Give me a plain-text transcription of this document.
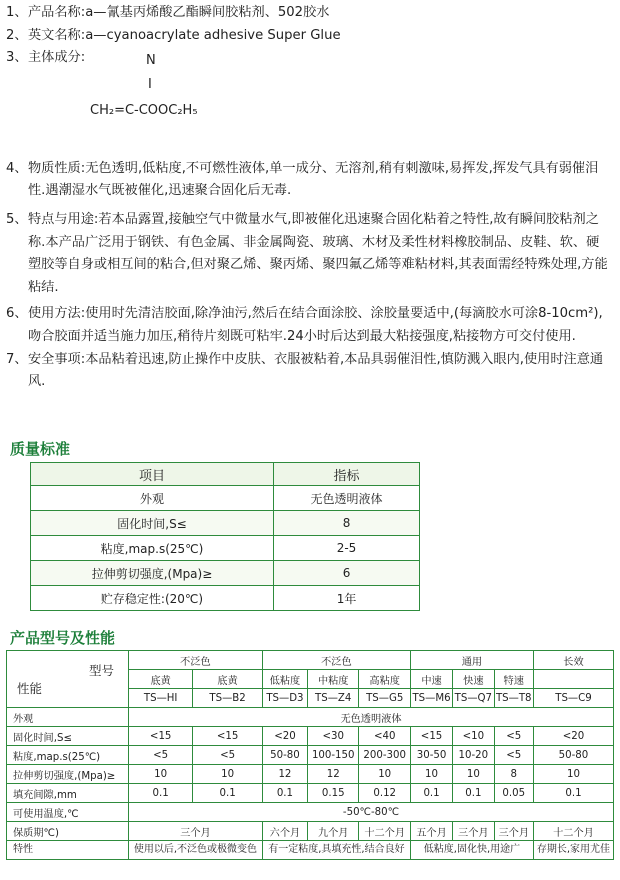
1、 产品名称:a—氰基丙烯酸乙酯瞬间胶粘剂、502胶水
2、 英文名称:a—cyanoacrylate adhesive Super Glue
3、 主体成分:	N
I
CH₂=C-COOC₂H₅
4、 物质性质:无色透明,低粘度,不可燃性液体,单一成分、无溶剂,稍有刺激味,易挥发,挥发气具有弱催泪性.遇潮湿水气既被催化,迅速聚合固化后无毒.
5、 特点与用途:若本品露置,接触空气中微量水气,即被催化迅速聚合固化粘着之特性,故有瞬间胶粘剂之称.本产品广泛用于钢铁、有色金属、非金属陶瓷、玻璃、木材及柔性材料橡胶制品、皮鞋、软、硬塑胶等自身或相互间的粘合,但对聚乙烯、聚丙烯、聚四氟乙烯等难粘材料,其表面需经特殊处理,方能粘结.
6、 使用方法:使用时先清洁胶面,除净油污,然后在结合面涂胶、涂胶量要适中,(每滴胶水可涂8-10cm²),吻合胶面并适当施力加压,稍待片刻既可粘牢.24小时后达到最大粘接强度,粘接物方可交付使用.
7、 安全事项:本品粘着迅速,防止操作中皮肤、衣服被粘着,本品具弱催泪性,慎防溅入眼内,使用时注意通风.
质量标准
项目	指标
外观	无色透明液体
固化时间,S≤	8
粘度,map.s(25℃)	2-5
拉伸剪切强度,(Mpa)≥	6
贮存稳定性:(20℃)	1年
产品型号及性能
型号
性能	不泛色		不泛色			通用			长效
	底黄	底黄	低粘度	中粘度	高粘度	中速	快速	特速	
	TS—HI	TS—B2	TS—D3	TS—Z4	TS—G5	TS—M6	TS—Q7	TS—T8	TS—C9
外观	无色透明液体								
固化时间,S≤	<15	<15	<20	<30	<40	<15	<10	<5	<20
粘度,map.s(25℃)	<5	<5	50-80	100-150	200-300	30-50	10-20	<5	50-80
拉伸剪切强度,(Mpa)≥	10	10	12	12	10	10	10	8	10
填充间隙,mm	0.1	0.1	0.1	0.15	0.12	0.1	0.1	0.05	0.1
可使用温度,℃	-50℃-80℃								
保质期℃)	三个月		六个月	九个月	十二个月	五个月	三个月	三个月	十二个月
特性	使用以后,不泛色或极微变色		有一定粘度,具填充性,结合良好			低粘度,固化快,用途广			存期长,家用尤佳
